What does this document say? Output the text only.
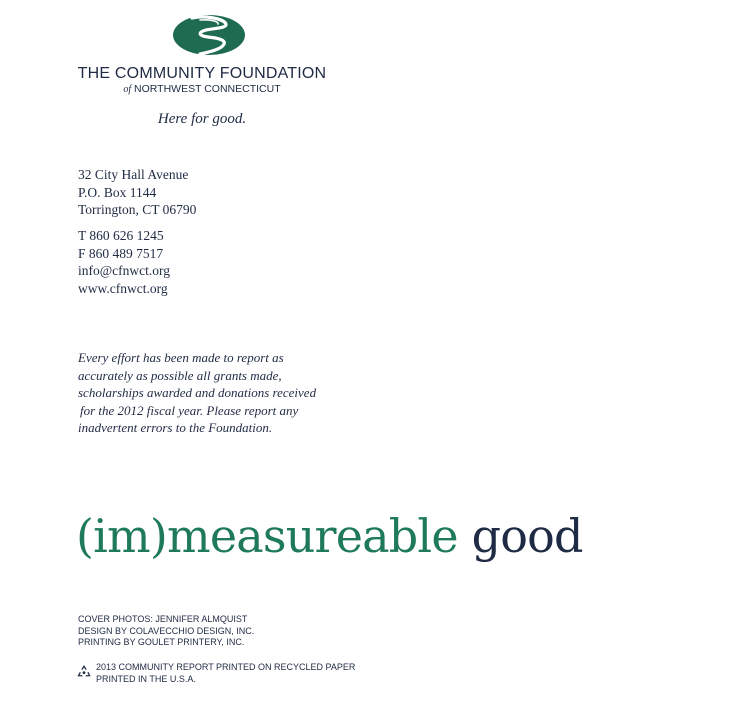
THE COMMUNITY FOUNDATION
of NORTHWEST CONNECTICUT
Here for good.
32 City Hall Avenue
P.O. Box 1144
Torrington, CT 06790
T 860 626 1245
F 860 489 7517
info@cfnwct.org
www.cfnwct.org
Every effort has been made to report as
accurately as possible all grants made,
scholarships awarded and donations received
for the 2012 fiscal year. Please report any
inadvertent errors to the Foundation.
(im)measureable good
COVER PHOTOS: JENNIFER ALMQUIST
DESIGN BY COLAVECCHIO DESIGN, INC.
PRINTING BY GOULET PRINTERY, INC.
2013 COMMUNITY REPORT PRINTED ON RECYCLED PAPER
PRINTED IN THE U.S.A.
